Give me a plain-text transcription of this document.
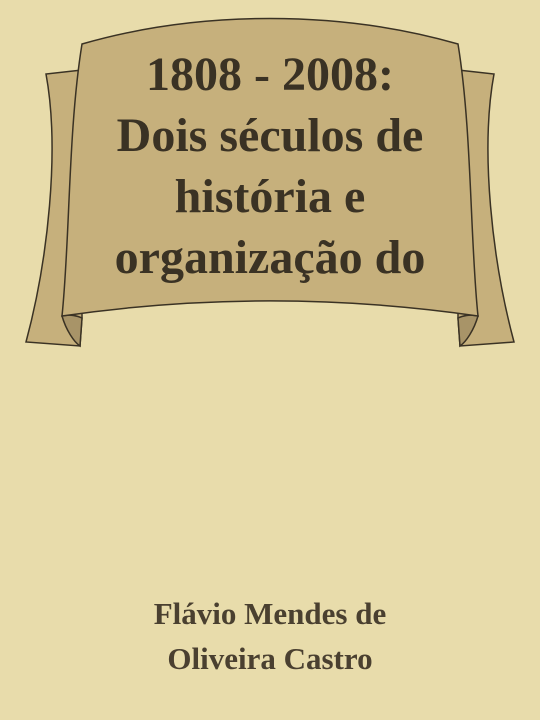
1808 - 2008:
Dois séculos de
história e
organização do
Flávio Mendes de
Oliveira Castro
